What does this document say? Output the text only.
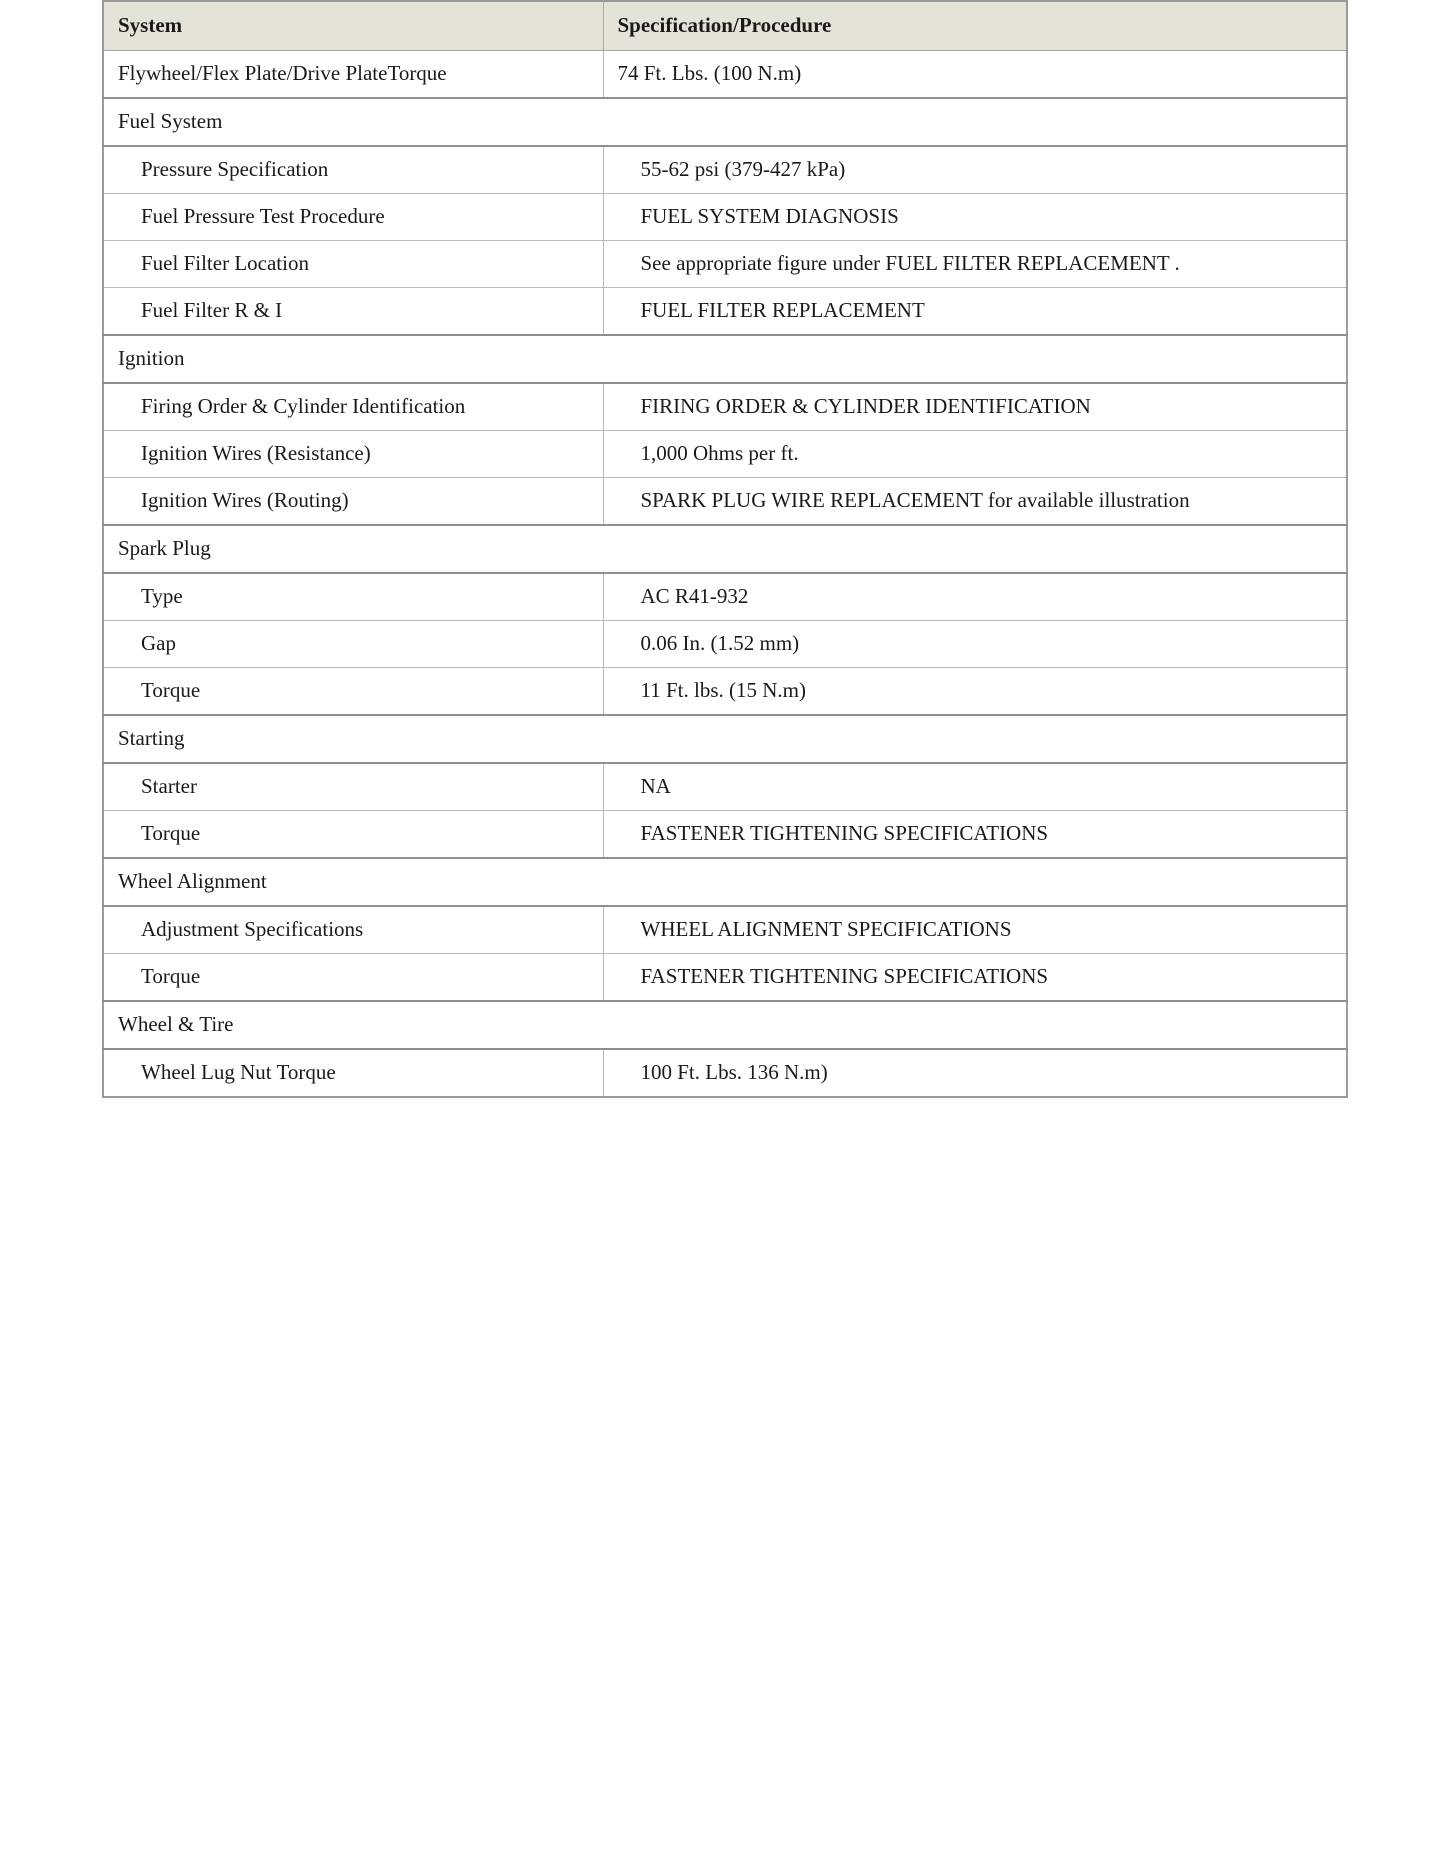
System	Specification/Procedure
Flywheel/Flex Plate/Drive PlateTorque	74 Ft. Lbs. (100 N.m)
Fuel System	
Pressure Specification	55-62 psi (379-427 kPa)
Fuel Pressure Test Procedure	FUEL SYSTEM DIAGNOSIS
Fuel Filter Location	See appropriate figure under FUEL FILTER REPLACEMENT .
Fuel Filter R & I	FUEL FILTER REPLACEMENT
Ignition	
Firing Order & Cylinder Identification	FIRING ORDER & CYLINDER IDENTIFICATION
Ignition Wires (Resistance)	1,000 Ohms per ft.
Ignition Wires (Routing)	SPARK PLUG WIRE REPLACEMENT for available illustration
Spark Plug	
Type	AC R41-932
Gap	0.06 In. (1.52 mm)
Torque	11 Ft. lbs. (15 N.m)
Starting	
Starter	NA
Torque	FASTENER TIGHTENING SPECIFICATIONS
Wheel Alignment	
Adjustment Specifications	WHEEL ALIGNMENT SPECIFICATIONS
Torque	FASTENER TIGHTENING SPECIFICATIONS
Wheel & Tire	
Wheel Lug Nut Torque	100 Ft. Lbs. 136 N.m)
